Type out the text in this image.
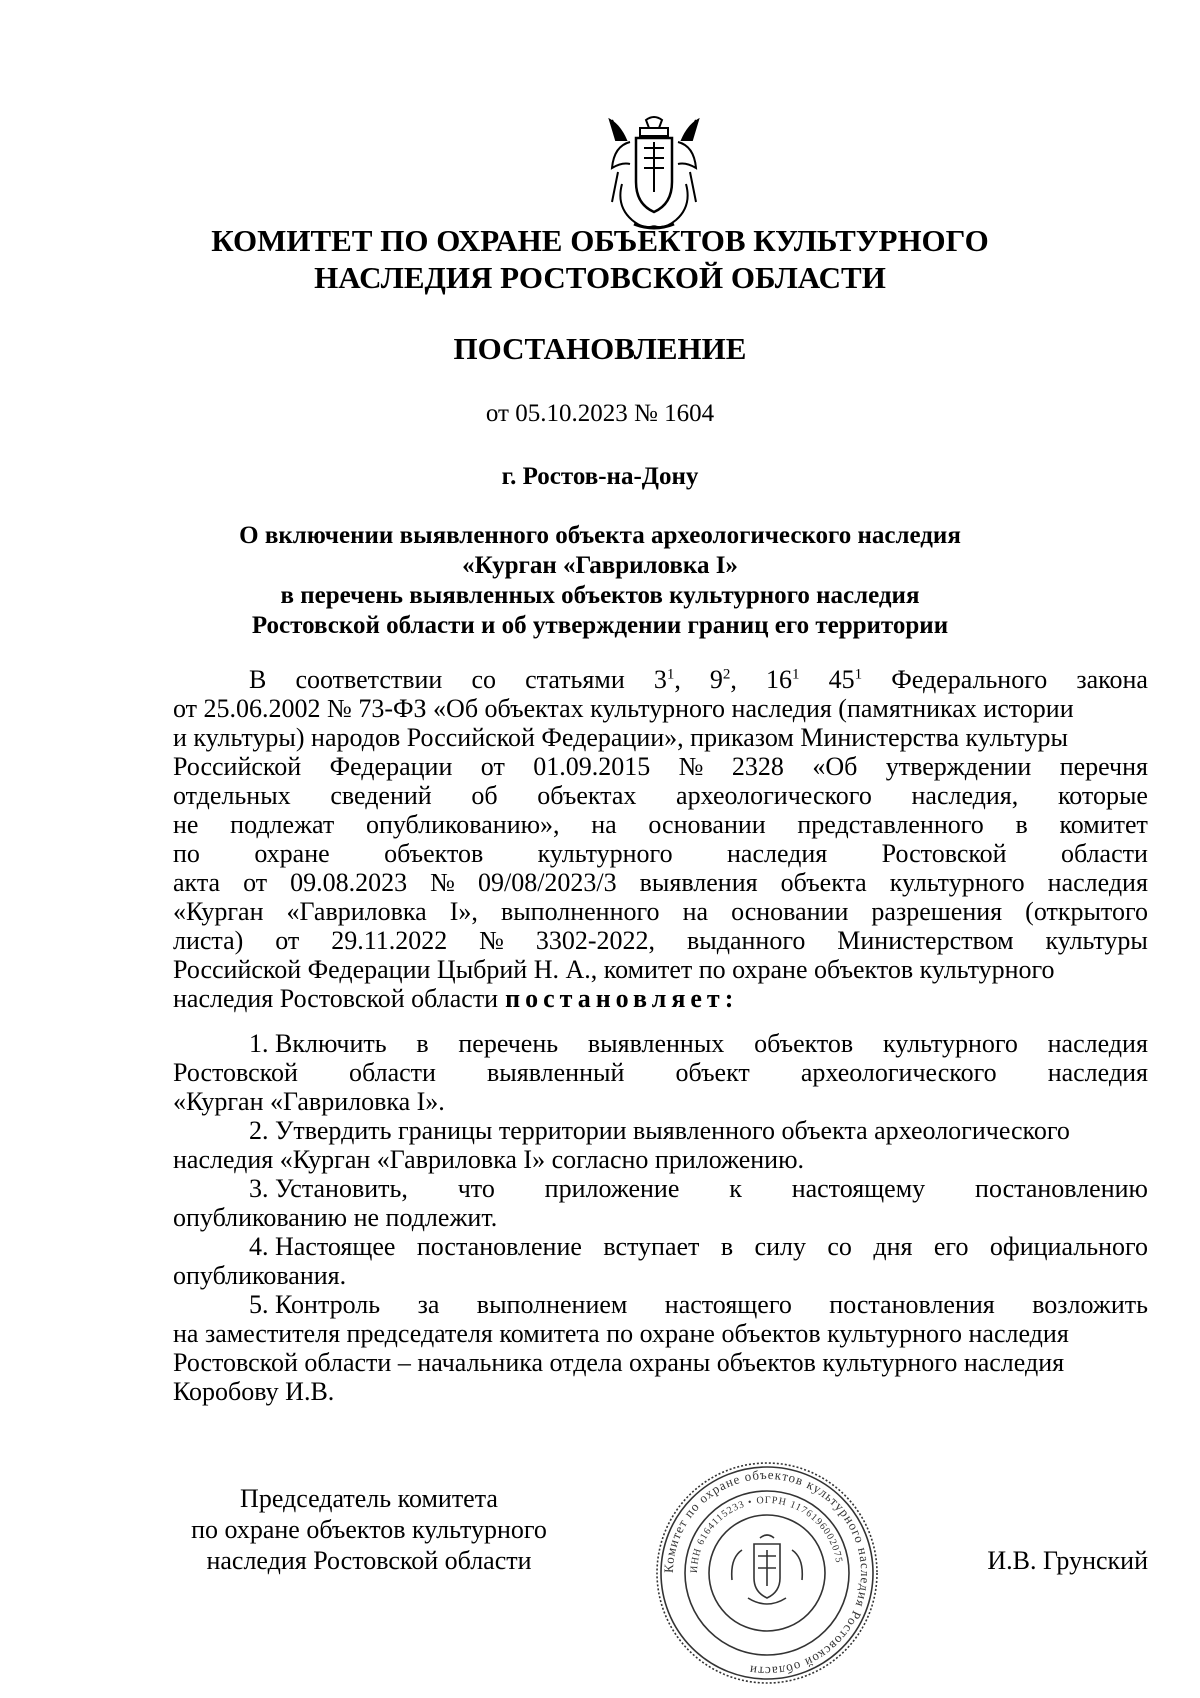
КОМИТЕТ ПО ОХРАНЕ ОБЪЕКТОВ КУЛЬТУРНОГО
НАСЛЕДИЯ РОСТОВСКОЙ ОБЛАСТИ
ПОСТАНОВЛЕНИЕ
от 05.10.2023 № 1604
г. Ростов-на-Дону
О включении выявленного объекта археологического наследия
«Курган «Гавриловка I»
в перечень выявленных объектов культурного наследия
Ростовской области и об утверждении границ его территории
В соответствии со статьями $3^1$, $9^2$, $16^1$ $45^1$ Федерального закона
от 25.06.2002 № 73-ФЗ «Об объектах культурного наследия (памятниках истории
и культуры) народов Российской Федерации», приказом Министерства культуры
Российской Федерации от 01.09.2015 № 2328 «Об утверждении перечня
отдельных сведений об объектах археологического наследия, которые
не подлежат опубликованию», на основании представленного в комитет
по охране объектов культурного наследия Ростовской области
акта от 09.08.2023 № 09/08/2023/3 выявления объекта культурного наследия
«Курган «Гавриловка I», выполненного на основании разрешения (открытого
листа) от 29.11.2022 № 3302-2022, выданного Министерством культуры
Российской Федерации Цыбрий Н. А., комитет по охране объектов культурного
наследия Ростовской области постановляет:
1. Включить в перечень выявленных объектов культурного наследия
Ростовской области выявленный объект археологического наследия
«Курган «Гавриловка I».
2. Утвердить границы территории выявленного объекта археологического
наследия «Курган «Гавриловка I» согласно приложению.
3. Установить, что приложение к настоящему постановлению
опубликованию не подлежит.
4. Настоящее постановление вступает в силу со дня его официального
опубликования.
5. Контроль за выполнением настоящего постановления возложить
на заместителя председателя комитета по охране объектов культурного наследия
Ростовской области – начальника отдела охраны объектов культурного наследия
Коробову И.В.
Председатель комитета
по охране объектов культурного
наследия Ростовской области	Комитет по охране объектов культурного наследия Ростовской области
ИНН 6164115233 • ОГРН 1176196002075	И.В. Грунский
